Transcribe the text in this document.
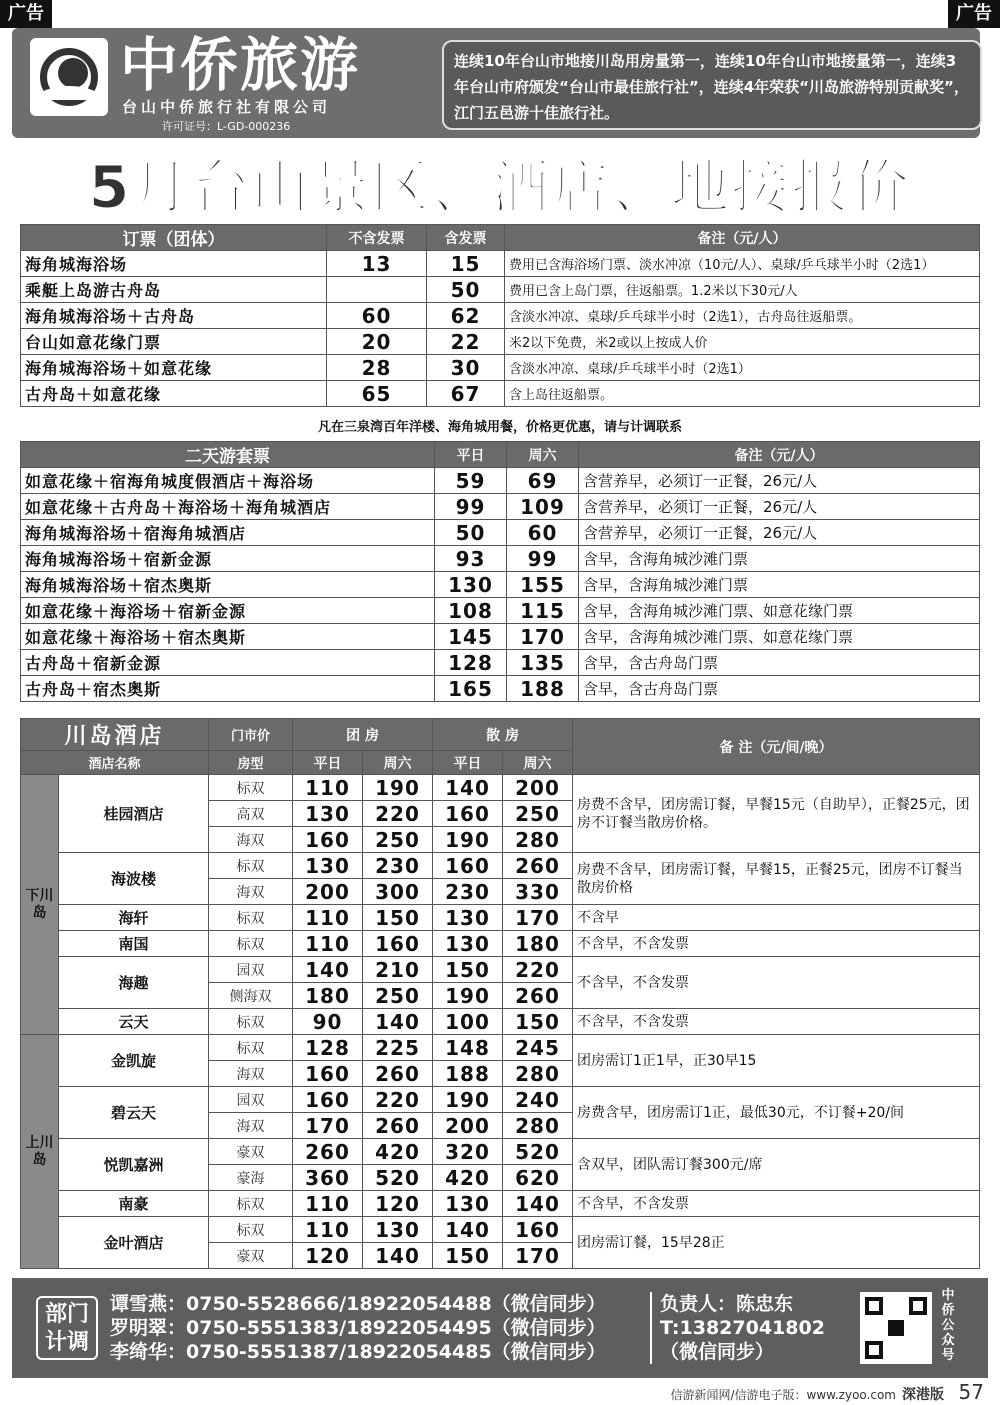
广告	广告
中侨旅游
台山中侨旅行社有限公司
许可证号：L-GD-000236
连续10年台山市地接川岛用房量第一，连续10年台山市地接量第一，连续3年台山市府颁发“台山市最佳旅行社”，连续4年荣获“川岛旅游特别贡献奖”，江门五邑游十佳旅行社。
5月台山景区、酒店、地接报价
订票（团体）	不含发票	含发票	备注（元/人）
海角城海浴场	13	15	费用已含海浴场门票、淡水冲凉（10元/人）、桌球/乒乓球半小时（2选1）
乘艇上岛游古舟岛		50	费用已含上岛门票，往返船票。1.2米以下30元/人
海角城海浴场＋古舟岛	60	62	含淡水冲凉、桌球/乒乓球半小时（2选1），古舟岛往返船票。
台山如意花缘门票	20	22	米2以下免费，米2或以上按成人价
海角城海浴场＋如意花缘	28	30	含淡水冲凉、桌球/乒乓球半小时（2选1）
古舟岛＋如意花缘	65	67	含上岛往返船票。
凡在三泉湾百年洋楼、海角城用餐，价格更优惠，请与计调联系
二天游套票	平日	周六	备注（元/人）
如意花缘＋宿海角城度假酒店＋海浴场	59	69	含营养早，必须订一正餐，26元/人
如意花缘＋古舟岛＋海浴场＋海角城酒店	99	109	含营养早，必须订一正餐，26元/人
海角城海浴场＋宿海角城酒店	50	60	含营养早，必须订一正餐，26元/人
海角城海浴场＋宿新金源	93	99	含早，含海角城沙滩门票
海角城海浴场＋宿杰奥斯	130	155	含早，含海角城沙滩门票
如意花缘＋海浴场＋宿新金源	108	115	含早，含海角城沙滩门票、如意花缘门票
如意花缘＋海浴场＋宿杰奥斯	145	170	含早，含海角城沙滩门票、如意花缘门票
古舟岛＋宿新金源	128	135	含早，含古舟岛门票
古舟岛＋宿杰奥斯	165	188	含早，含古舟岛门票
川岛酒店		门市价	团 房		散 房		备 注（元/间/晚）
酒店名称		房型	平日	周六	平日	周六	
下川岛	桂园酒店	标双	110	190	140	200	房费不含早，团房需订餐，早餐15元（自助早），正餐25元，团房不订餐当散房价格。
		高双	130	220	160	250	
		海双	160	250	190	280	
	海波楼	标双	130	230	160	260	房费不含早，团房需订餐，早餐15，正餐25元，团房不订餐当散房价格
		海双	200	300	230	330	
	海轩	标双	110	150	130	170	不含早
	南国	标双	110	160	130	180	不含早，不含发票
	海趣	园双	140	210	150	220	不含早，不含发票
		侧海双	180	250	190	260	
	云天	标双	90	140	100	150	不含早，不含发票
上川岛	金凯旋	标双	128	225	148	245	团房需订1正1早，正30早15
		海双	160	260	188	280	
	碧云天	园双	160	220	190	240	房费含早，团房需订1正，最低30元，不订餐+20/间
		海双	170	260	200	280	
	悦凯嘉洲	豪双	260	420	320	520	含双早，团队需订餐300元/席
		豪海	360	520	420	620	
	南豪	标双	110	120	130	140	不含早，不含发票
	金叶酒店	标双	110	130	140	160	团房需订餐，15早28正
		豪双	120	140	150	170	
部门计调
谭雪燕：0750-5528666/18922054488（微信同步）
罗明翠：0750-5551383/18922054495（微信同步）
李绮华：0750-5551387/18922054485（微信同步）
负责人：陈忠东
T:13827041802
（微信同步）
中侨公众号
信游新闻网/信游电子版：www.zyoo.com 深港版 57
